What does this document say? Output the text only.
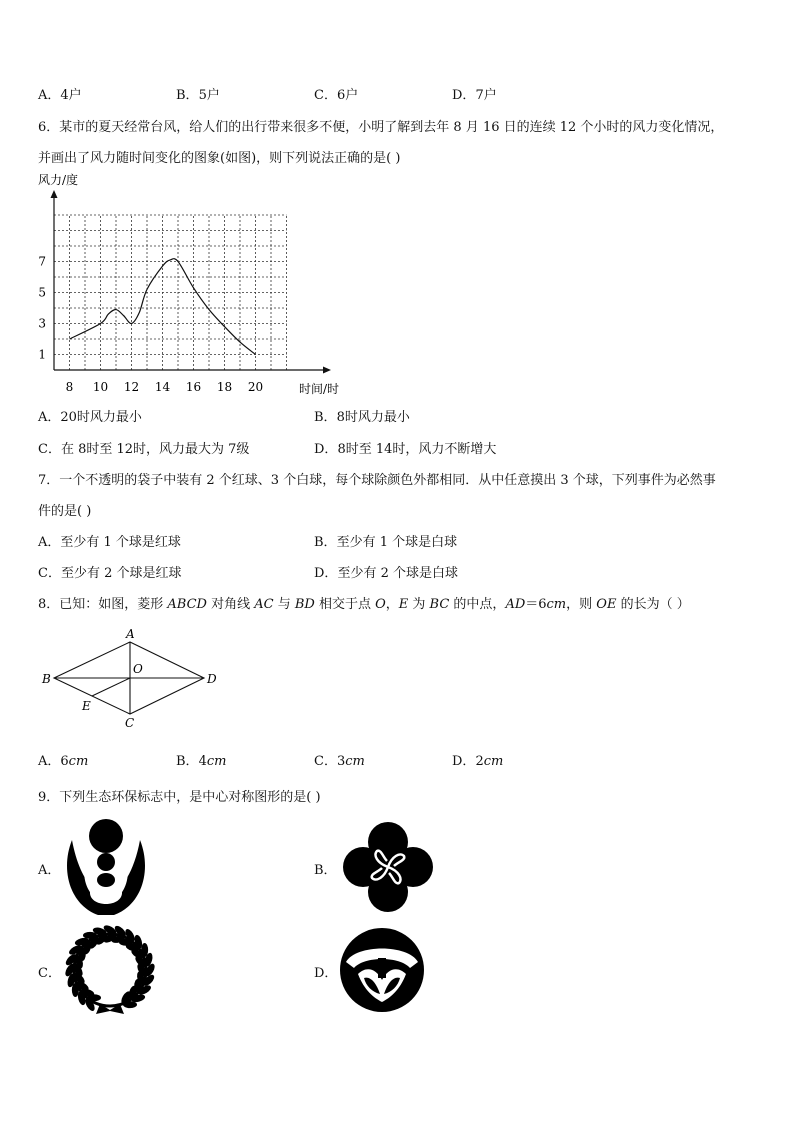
A．4户	B．5户	C．6户	D．7户
6．某市的夏天经常台风，给人们的出行带来很多不便，小明了解到去年 8 月 16 日的连续 12 个小时的风力变化情况，
并画出了风力随时间变化的图象(如图)，则下列说法正确的是( )
8 10 12 14 16 18 20
1
3
5
7
风力/度
时间/时
A．20时风力最小	B．8时风力最小
C．在 8时至 12时，风力最大为 7级	D．8时至 14时，风力不断增大
7．一个不透明的袋子中装有 2 个红球、3 个白球，每个球除颜色外都相同．从中任意摸出 3 个球，下列事件为必然事
件的是( )
A．至少有 1 个球是红球	B．至少有 1 个球是白球
C．至少有 2 个球是红球	D．至少有 2 个球是白球
8．已知：如图，菱形 ABCD 对角线 AC 与 BD 相交于点 O，E 为 BC 的中点，AD＝6cm，则 OE 的长为（ ）
A
B
C
D
O
E
A．6cm	B．4cm	C．3cm	D．2cm
9．下列生态环保标志中，是中心对称图形的是( )
A．	B．
C．	D．
